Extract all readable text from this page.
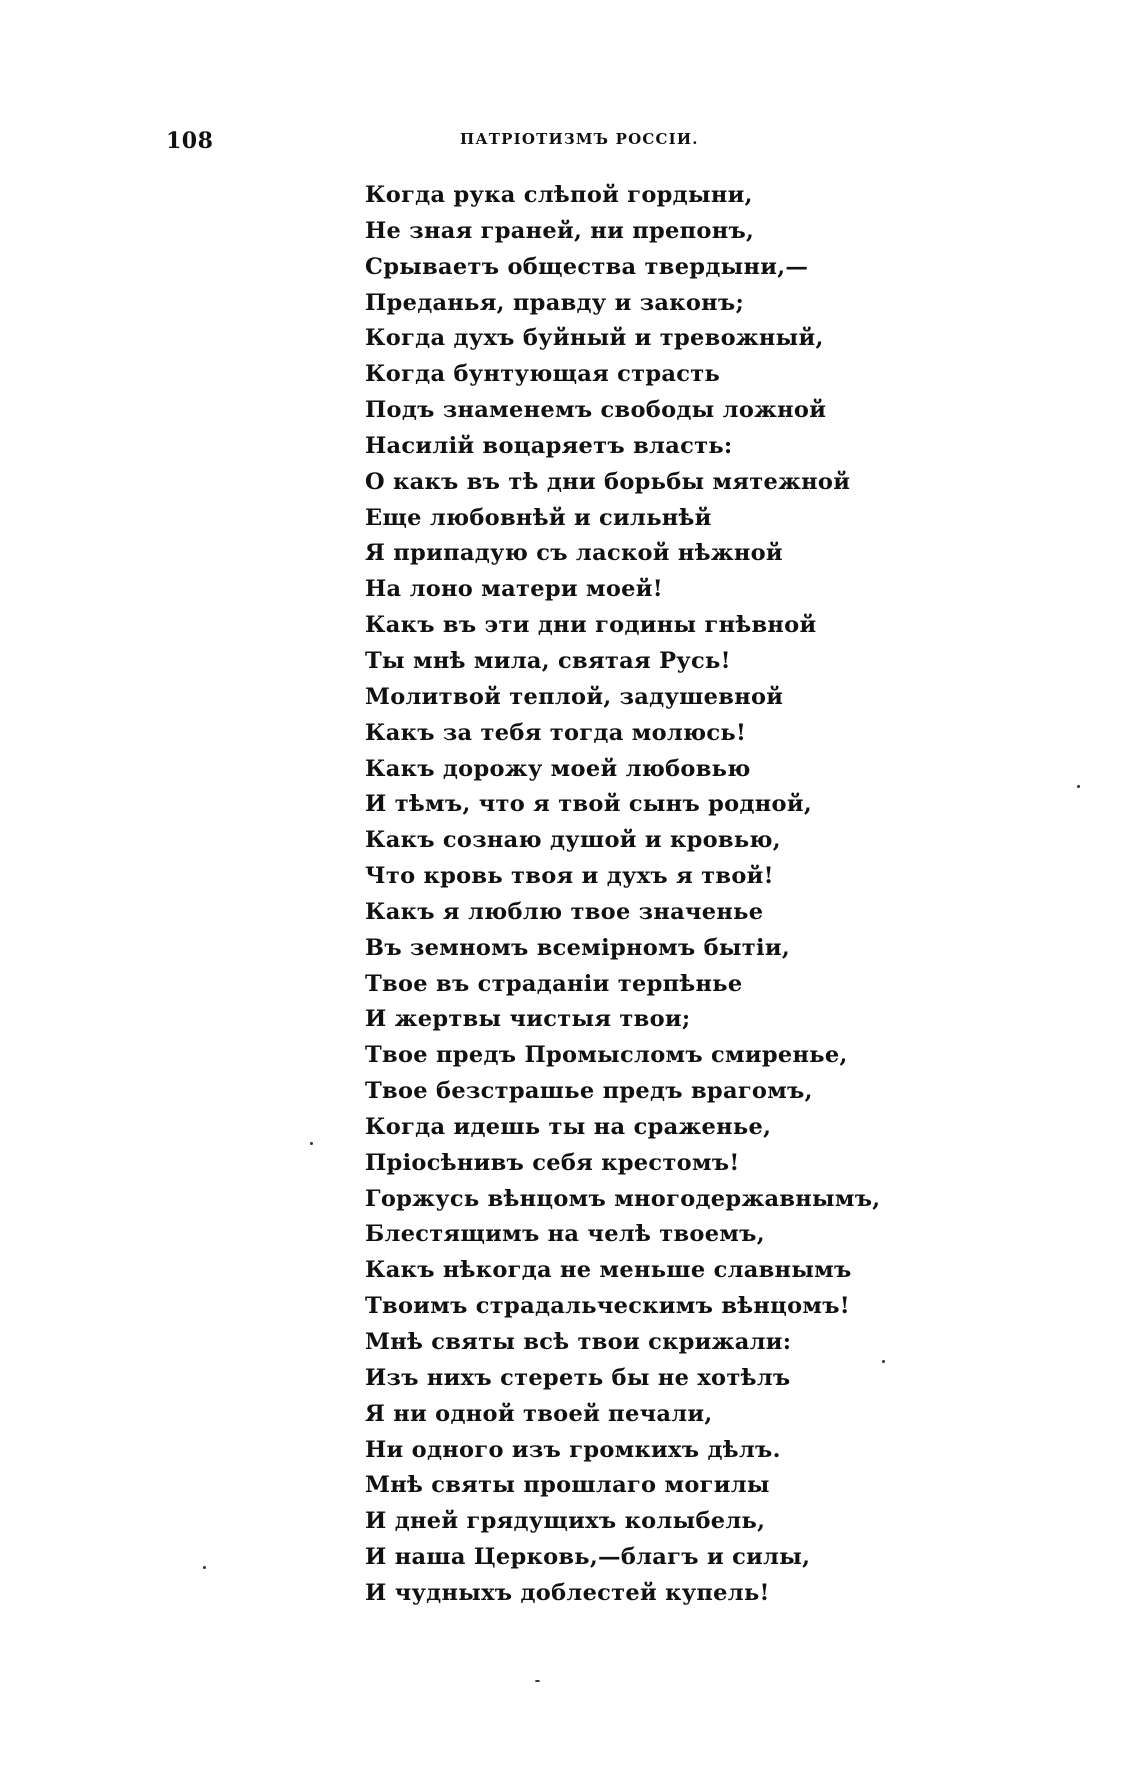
108	ПАТРІОТИЗМЪ РОССІИ.
Когда рука слѣпой гордыни,
Не зная граней, ни препонъ,
Срываетъ общества твердыни,—
Преданья, правду и законъ;
Когда духъ буйный и тревожный,
Когда бунтующая страсть
Подъ знаменемъ свободы ложной
Насилій воцаряетъ власть:
О какъ въ тѣ дни борьбы мятежной
Еще любовнѣй и сильнѣй
Я припадую съ лаской нѣжной
На лоно матери моей!
Какъ въ эти дни годины гнѣвной
Ты мнѣ мила, святая Русь!
Молитвой теплой, задушевной
Какъ за тебя тогда молюсь!
Какъ дорожу моей любовью
И тѣмъ, что я твой сынъ родной,
Какъ сознаю душой и кровью,
Что кровь твоя и духъ я твой!
Какъ я люблю твое значенье
Въ земномъ всемірномъ бытіи,
Твое въ страданіи терпѣнье
И жертвы чистыя твои;
Твое предъ Промысломъ смиренье,
Твое безстрашье предъ врагомъ,
Когда идешь ты на сраженье,
Пріосѣнивъ себя крестомъ!
Горжусь вѣнцомъ многодержавнымъ,
Блестящимъ на челѣ твоемъ,
Какъ нѣкогда не меньше славнымъ
Твоимъ страдальческимъ вѣнцомъ!
Мнѣ святы всѣ твои скрижали:
Изъ нихъ стереть бы не хотѣлъ
Я ни одной твоей печали,
Ни одного изъ громкихъ дѣлъ.
Мнѣ святы прошлаго могилы
И дней грядущихъ колыбель,
И наша Церковь,—благъ и силы,
И чудныхъ доблестей купель!
